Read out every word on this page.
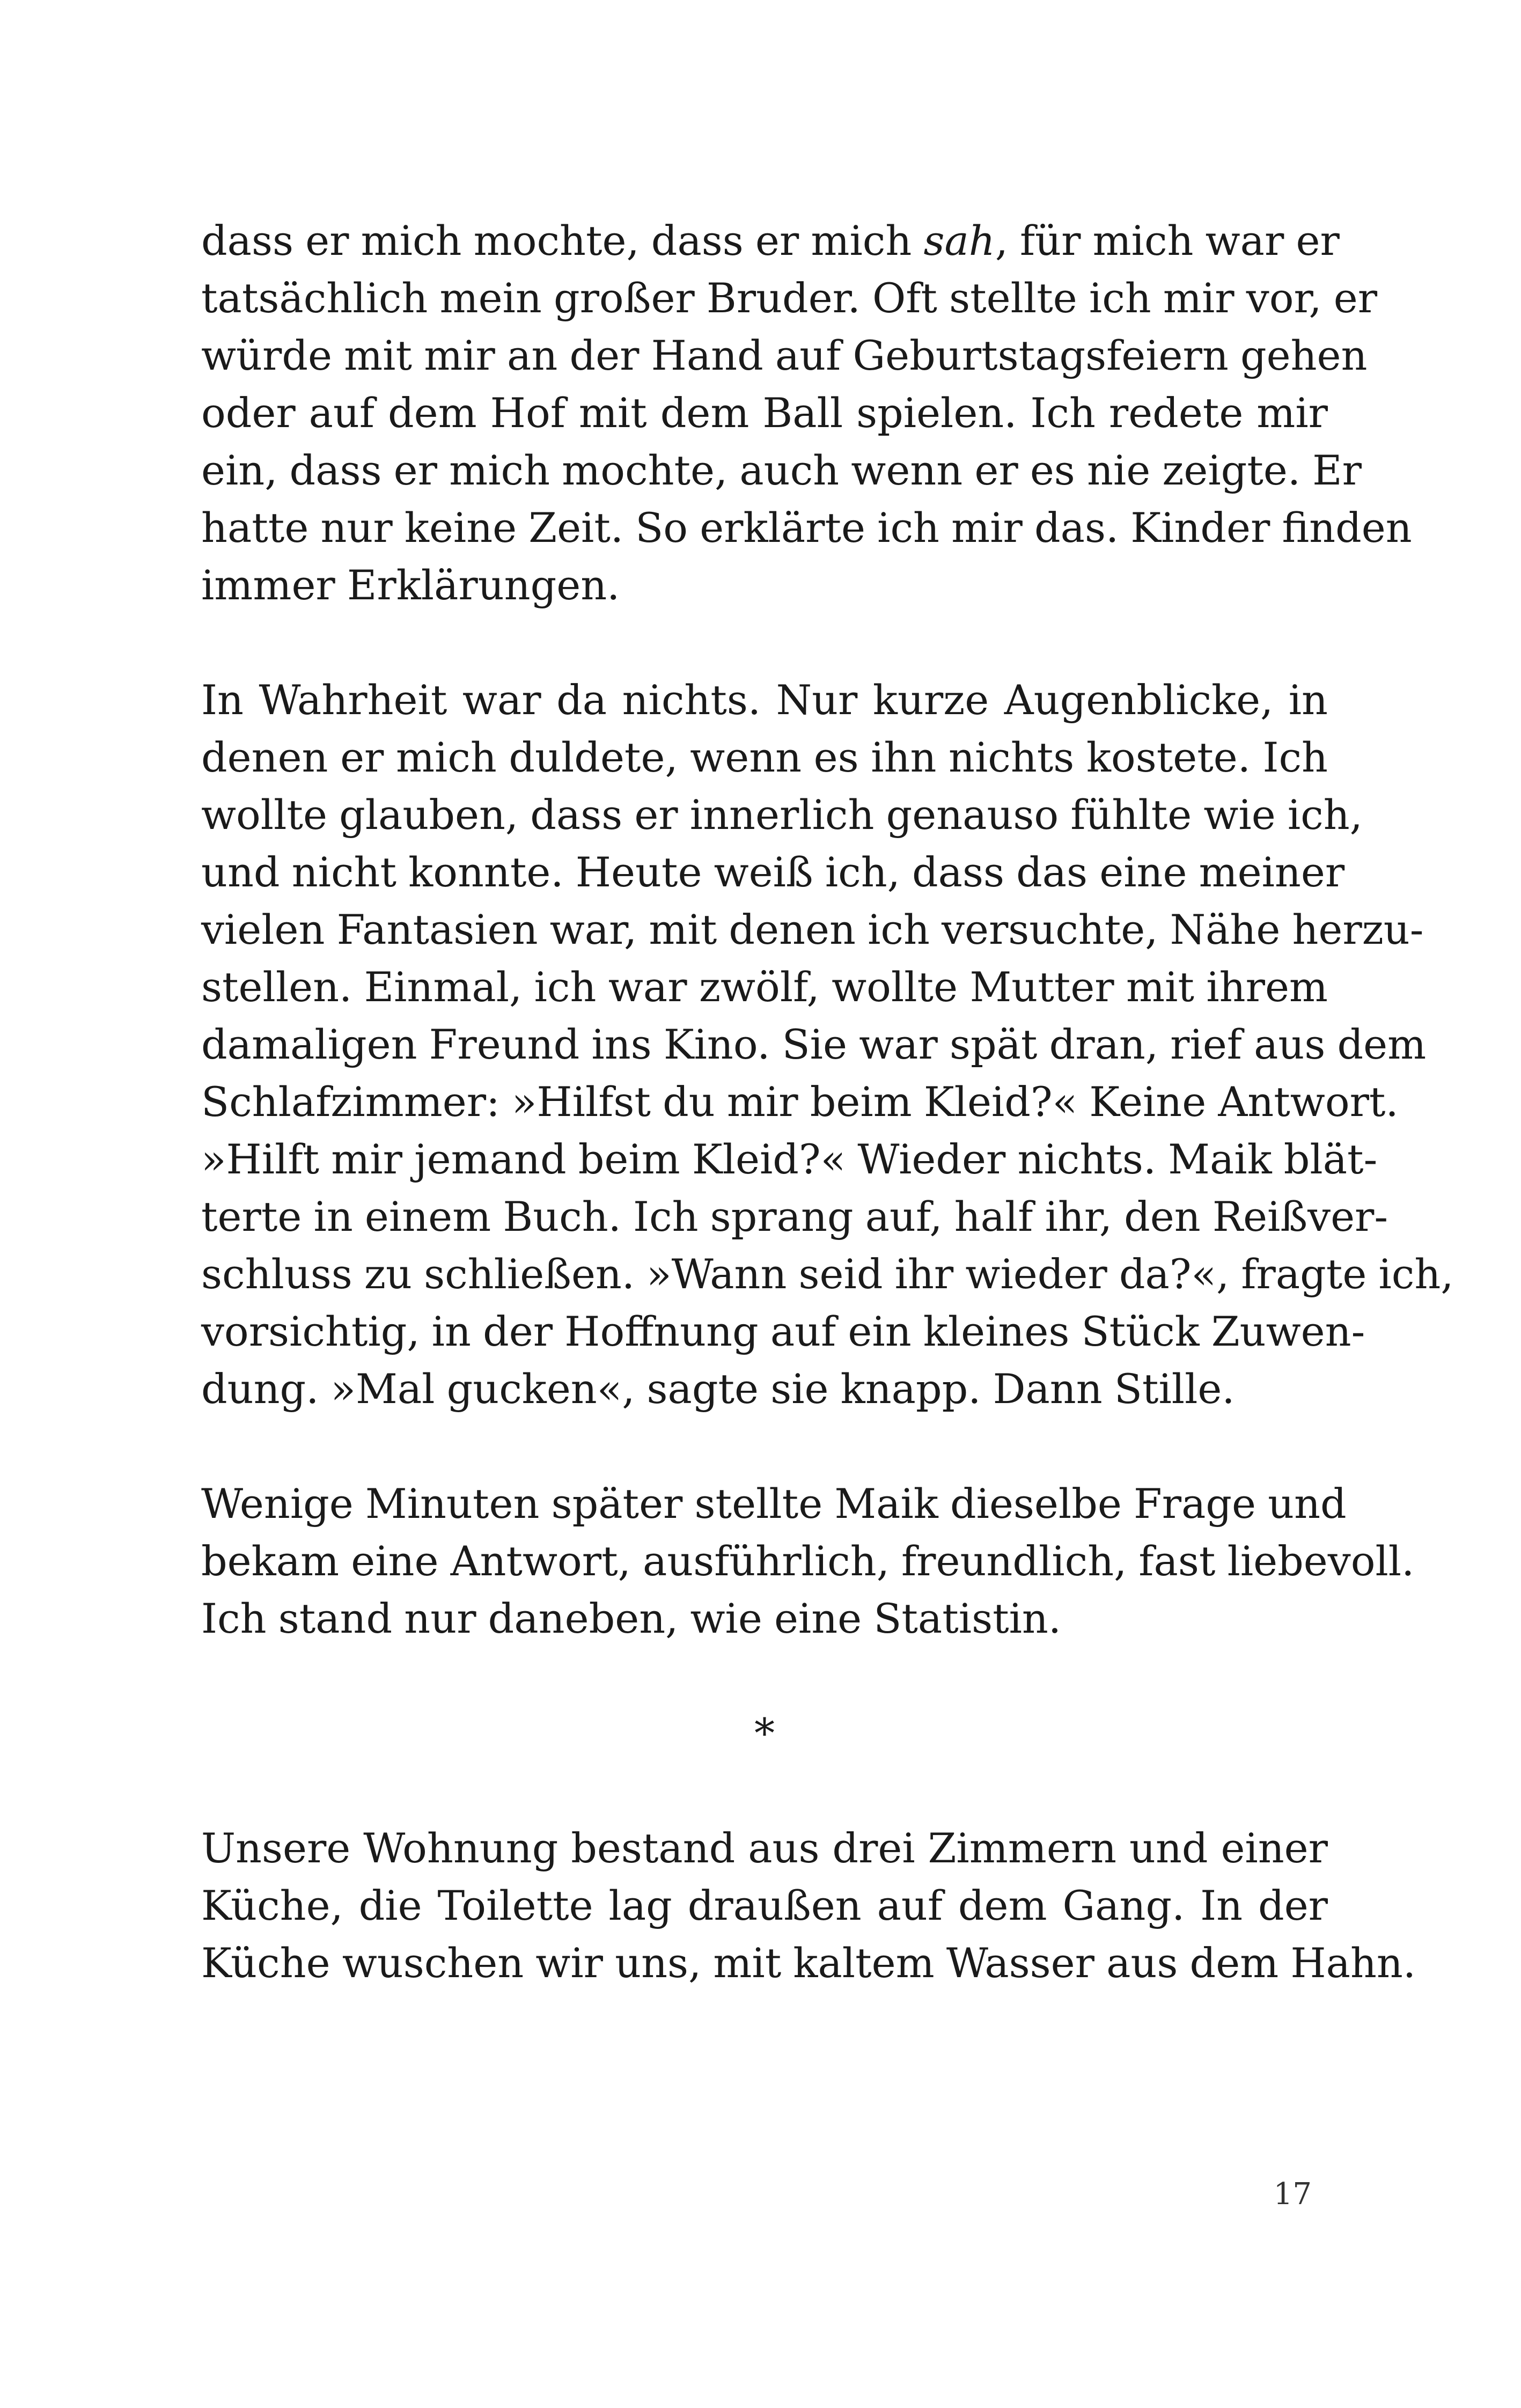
dass er mich mochte, dass er mich sah, für mich war er
tatsächlich mein großer Bruder. Oft stellte ich mir vor, er
würde mit mir an der Hand auf Geburtstagsfeiern gehen
oder auf dem Hof mit dem Ball spielen. Ich redete mir
ein, dass er mich mochte, auch wenn er es nie zeigte. Er
hatte nur keine Zeit. So erklärte ich mir das. Kinder finden
immer Erklärungen.

In Wahrheit war da nichts. Nur kurze Augenblicke, in
denen er mich duldete, wenn es ihn nichts kostete. Ich
wollte glauben, dass er innerlich genauso fühlte wie ich,
und nicht konnte. Heute weiß ich, dass das eine meiner
vielen Fantasien war, mit denen ich versuchte, Nähe herzu-
stellen. Einmal, ich war zwölf, wollte Mutter mit ihrem
damaligen Freund ins Kino. Sie war spät dran, rief aus dem
Schlafzimmer: »Hilfst du mir beim Kleid?« Keine Antwort.
»Hilft mir jemand beim Kleid?« Wieder nichts. Maik blät-
terte in einem Buch. Ich sprang auf, half ihr, den Reißver-
schluss zu schließen. »Wann seid ihr wieder da?«, fragte ich,
vorsichtig, in der Hoffnung auf ein kleines Stück Zuwen-
dung. »Mal gucken«, sagte sie knapp. Dann Stille.

Wenige Minuten später stellte Maik dieselbe Frage und
bekam eine Antwort, ausführlich, freundlich, fast liebevoll.
Ich stand nur daneben, wie eine Statistin.

*

Unsere Wohnung bestand aus drei Zimmern und einer
Küche, die Toilette lag draußen auf dem Gang. In der
Küche wuschen wir uns, mit kaltem Wasser aus dem Hahn.

17
